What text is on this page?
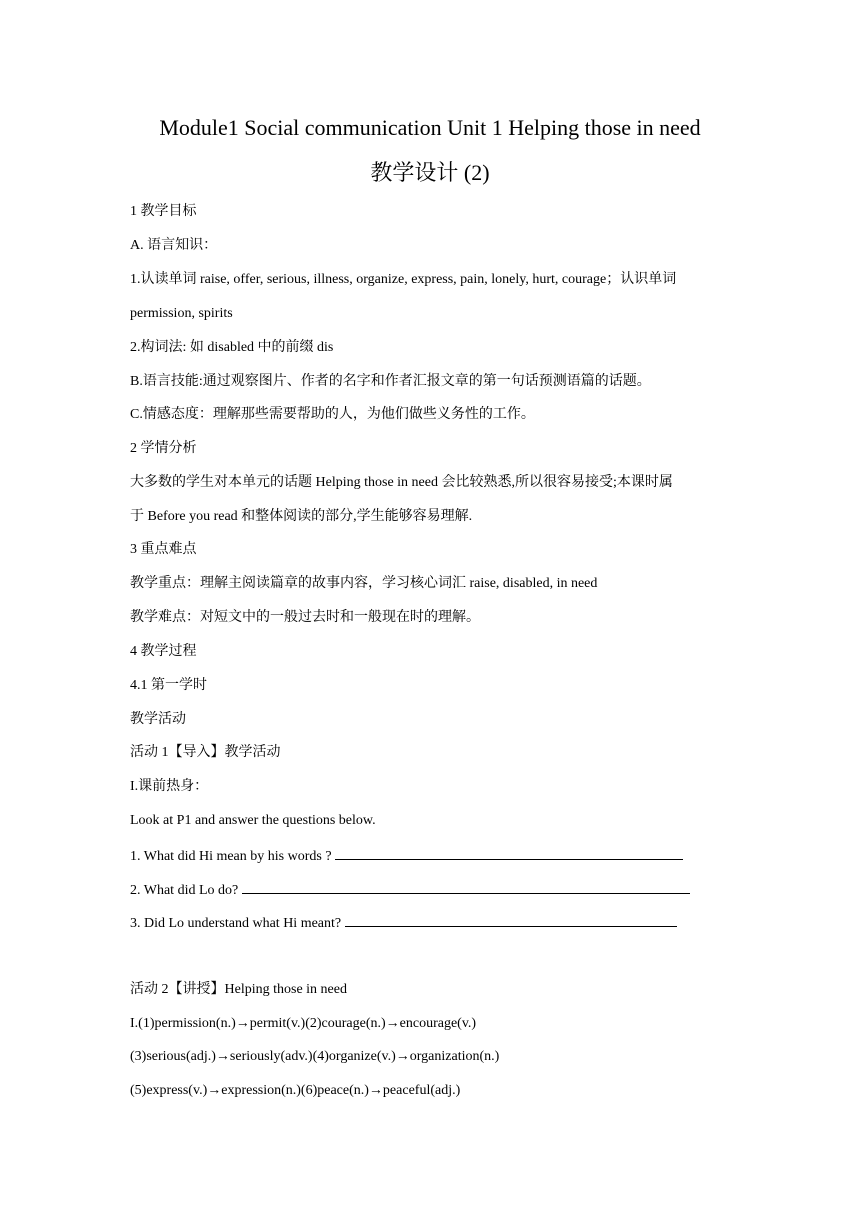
Module1 Social communication Unit 1 Helping those in need
教学设计 (2)
1 教学目标
A. 语言知识：
1.认读单词 raise, offer, serious, illness, organize, express, pain, lonely, hurt, courage；认识单词
permission, spirits
2.构词法: 如 disabled 中的前缀 dis
B.语言技能:通过观察图片、作者的名字和作者汇报文章的第一句话预测语篇的话题。
C.情感态度：理解那些需要帮助的人，为他们做些义务性的工作。
2 学情分析
大多数的学生对本单元的话题 Helping those in need 会比较熟悉,所以很容易接受;本课时属
于 Before you read 和整体阅读的部分,学生能够容易理解.
3 重点难点
教学重点：理解主阅读篇章的故事内容，学习核心词汇 raise, disabled, in need
教学难点：对短文中的一般过去时和一般现在时的理解。
4 教学过程
4.1 第一学时
教学活动
活动 1【导入】教学活动
I.课前热身：
Look at P1 and answer the questions below.
1. What did Hi mean by his words ?
2. What did Lo do?
3. Did Lo understand what Hi meant?
活动 2【讲授】Helping those in need
I.(1)permission(n.)→permit(v.)(2)courage(n.)→encourage(v.)
(3)serious(adj.)→seriously(adv.)(4)organize(v.)→organization(n.)
(5)express(v.)→expression(n.)(6)peace(n.)→peaceful(adj.)
